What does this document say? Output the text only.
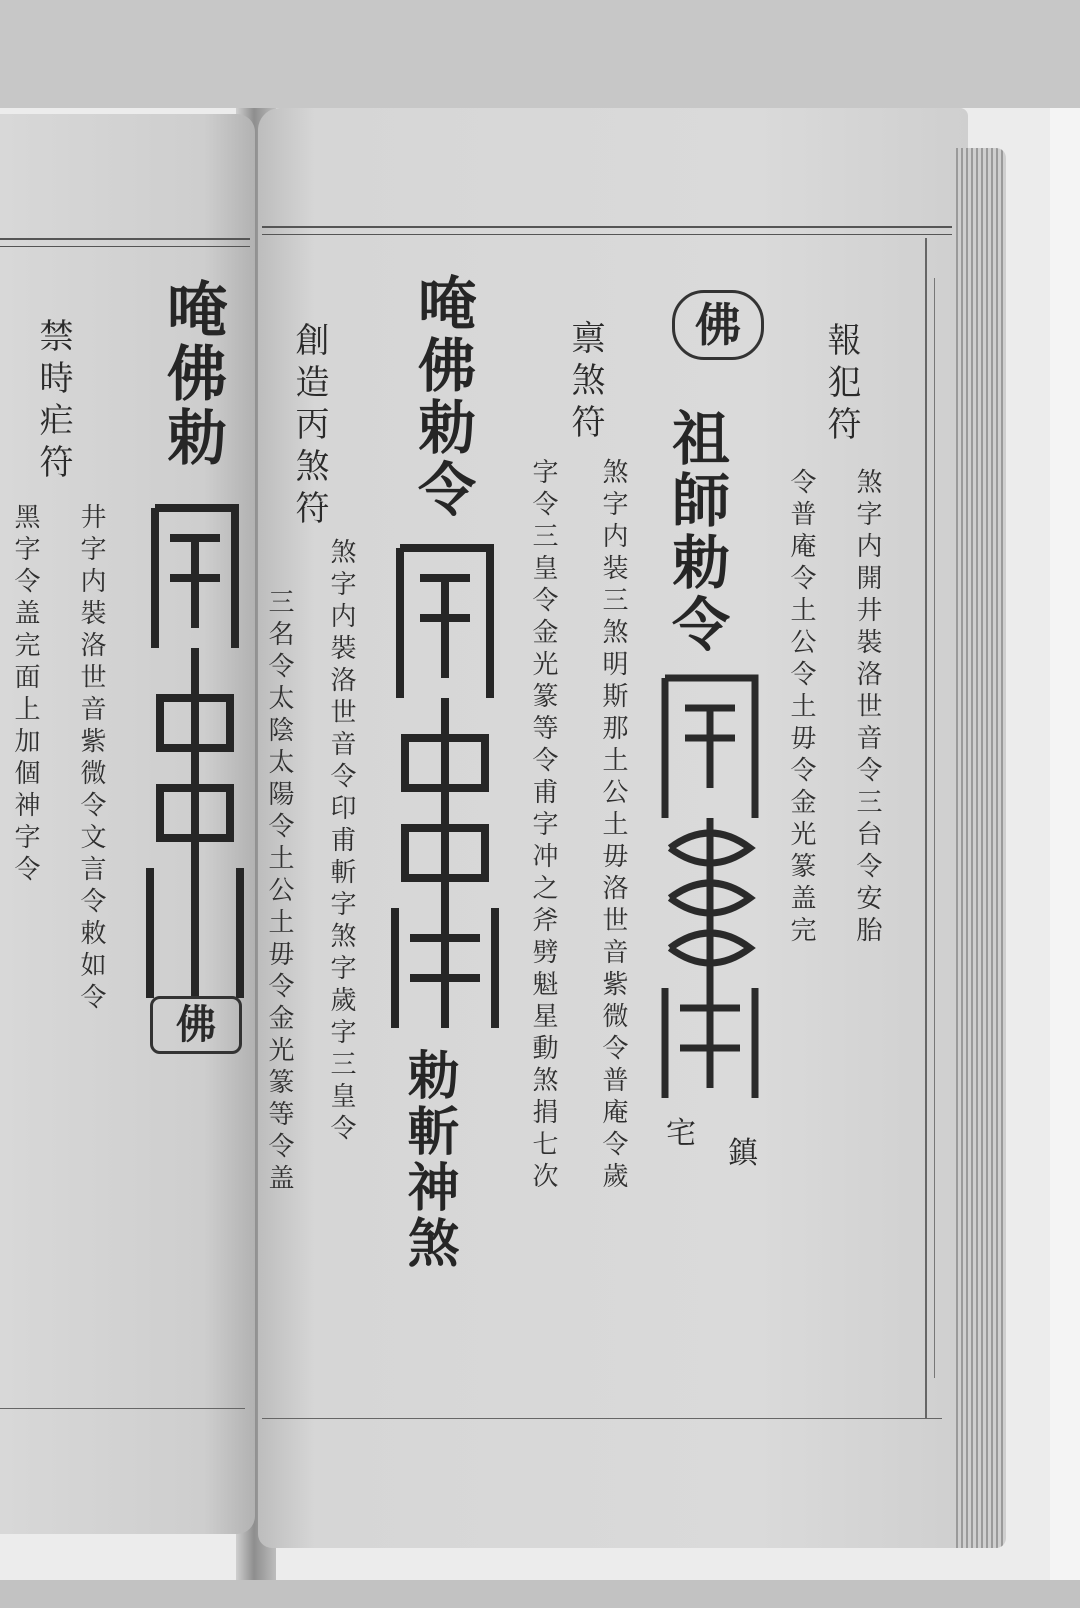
報犯符
煞字内開井裝洛世音令三台令安胎
令普庵令土公令土毋令金光篆盖完
佛
祖師勅令
宅
鎮
禀煞符
煞字内装三煞明斯那土公土毋洛世音紫微令普庵令歲
字令三皇令金光篆等令甫字冲之斧劈魁星動煞捐七次
唵佛勅令
勅斬神煞
創造丙煞符
煞字内裝洛世音令印甫斬字煞字歲字三皇令
三名令太陰太陽令土公土毋令金光篆等令盖
唵佛勅
佛
禁時疟符
井字内裝洛世音紫微令文言令敕如令
黑字令盖完面上加個神字令
